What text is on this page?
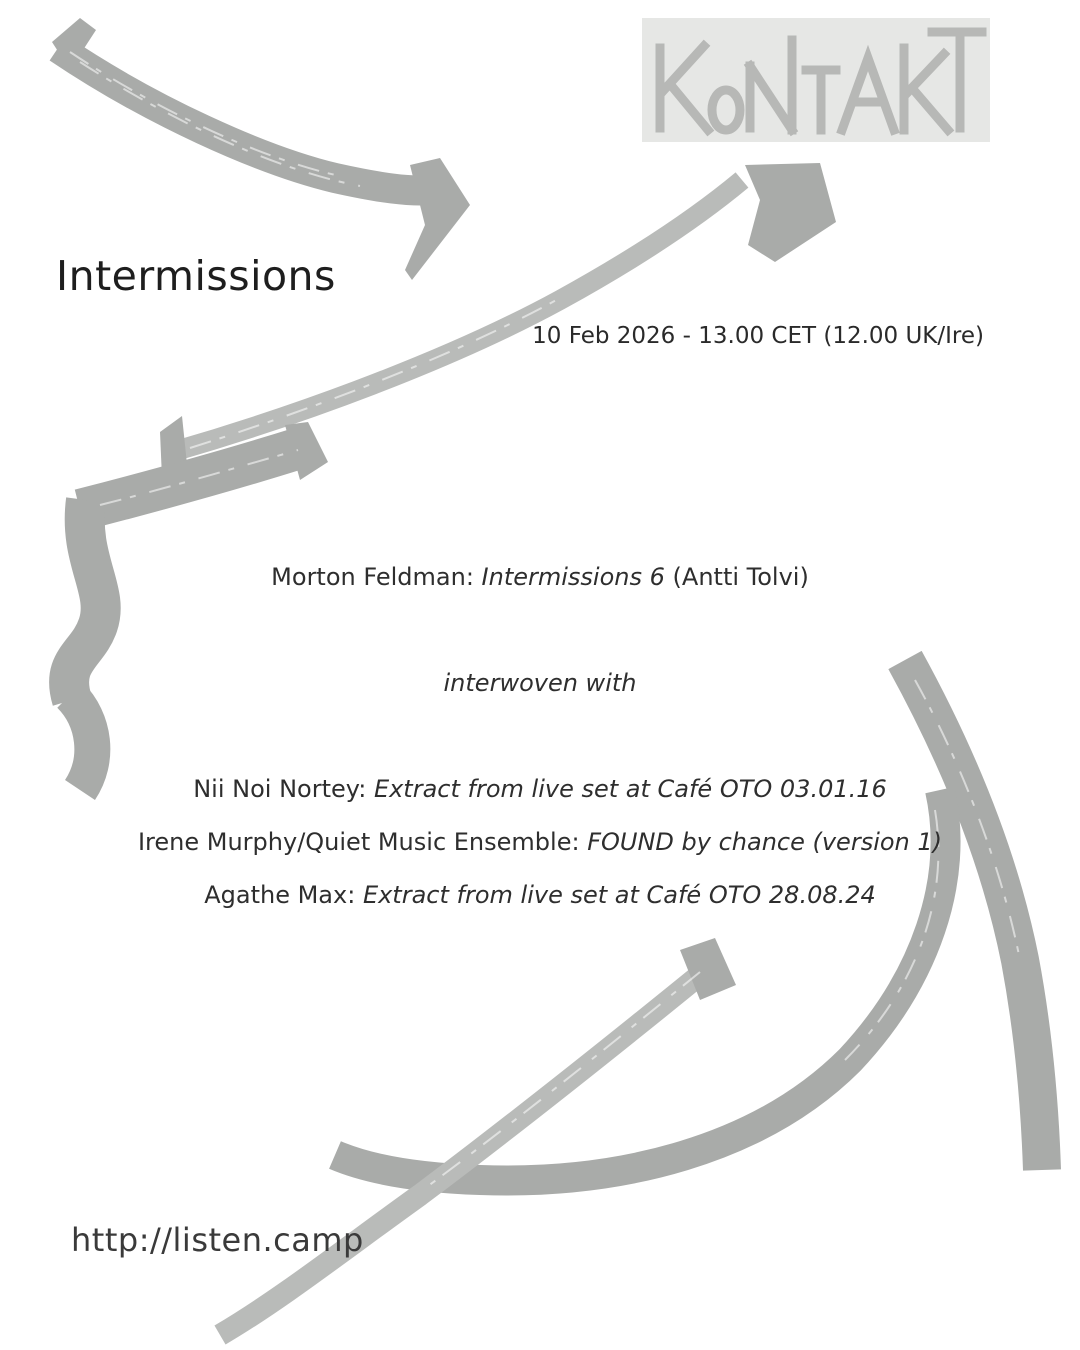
Intermissions
10 Feb 2026 - 13.00 CET (12.00 UK/Ire)
Morton Feldman: Intermissions 6 (Antti Tolvi)
interwoven with
Nii Noi Nortey: Extract from live set at Café OTO 03.01.16
Irene Murphy/Quiet Music Ensemble: FOUND by chance (version 1)
Agathe Max: Extract from live set at Café OTO 28.08.24
http://listen.camp
